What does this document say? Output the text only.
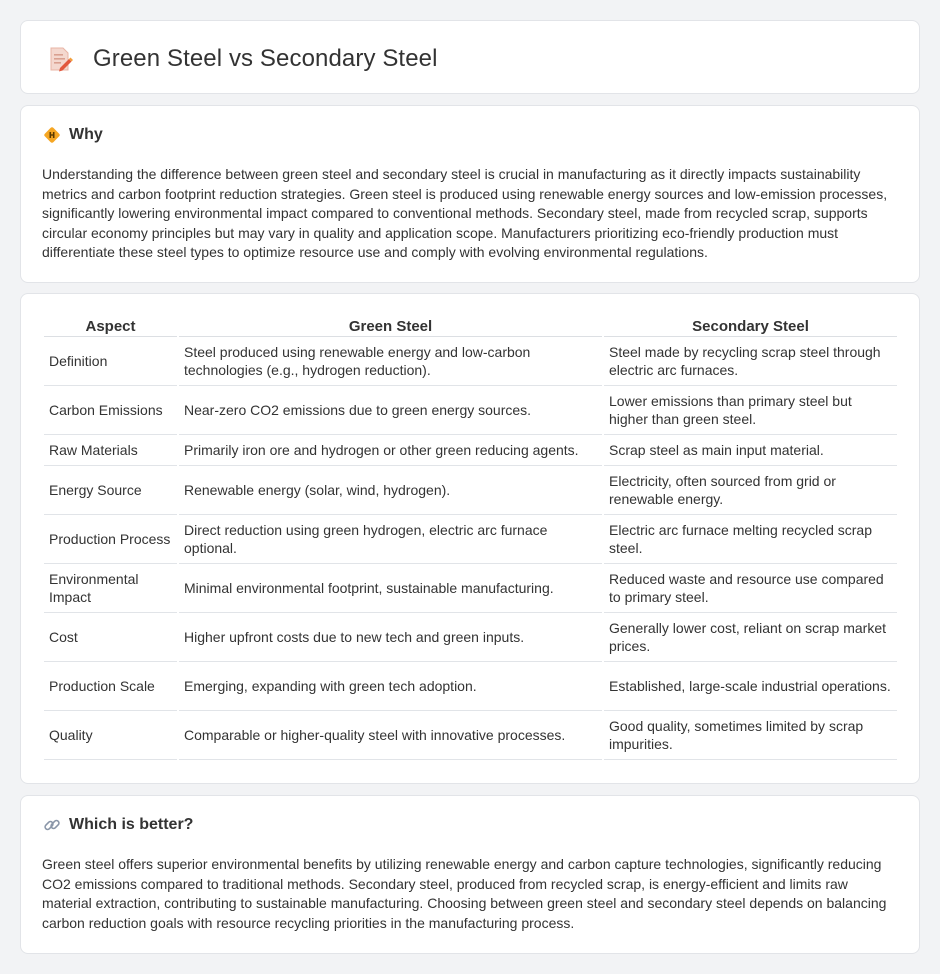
Green Steel vs Secondary Steel
Why

Understanding the difference between green steel and secondary steel is crucial in manufacturing as it directly impacts sustainability metrics and carbon footprint reduction strategies. Green steel is produced using renewable energy sources and low-emission processes, significantly lowering environmental impact compared to conventional methods. Secondary steel, made from recycled scrap, supports circular economy principles but may vary in quality and application scope. Manufacturers prioritizing eco-friendly production must differentiate these steel types to optimize resource use and comply with evolving environmental regulations.

Aspect	Green Steel	Secondary Steel
Definition	Steel produced using renewable energy and low-carbon technologies (e.g., hydrogen reduction).	Steel made by recycling scrap steel through electric arc furnaces.
Carbon Emissions	Near-zero CO2 emissions due to green energy sources.	Lower emissions than primary steel but higher than green steel.
Raw Materials	Primarily iron ore and hydrogen or other green reducing agents.	Scrap steel as main input material.
Energy Source	Renewable energy (solar, wind, hydrogen).	Electricity, often sourced from grid or renewable energy.
Production Process	Direct reduction using green hydrogen, electric arc furnace optional.	Electric arc furnace melting recycled scrap steel.
Environmental Impact	Minimal environmental footprint, sustainable manufacturing.	Reduced waste and resource use compared to primary steel.
Cost	Higher upfront costs due to new tech and green inputs.	Generally lower cost, reliant on scrap market prices.
Production Scale	Emerging, expanding with green tech adoption.	Established, large-scale industrial operations.
Quality	Comparable or higher-quality steel with innovative processes.	Good quality, sometimes limited by scrap impurities.
Which is better?

Green steel offers superior environmental benefits by utilizing renewable energy and carbon capture technologies, significantly reducing CO2 emissions compared to traditional methods. Secondary steel, produced from recycled scrap, is energy-efficient and limits raw material extraction, contributing to sustainable manufacturing. Choosing between green steel and secondary steel depends on balancing carbon reduction goals with resource recycling priorities in the manufacturing process.
